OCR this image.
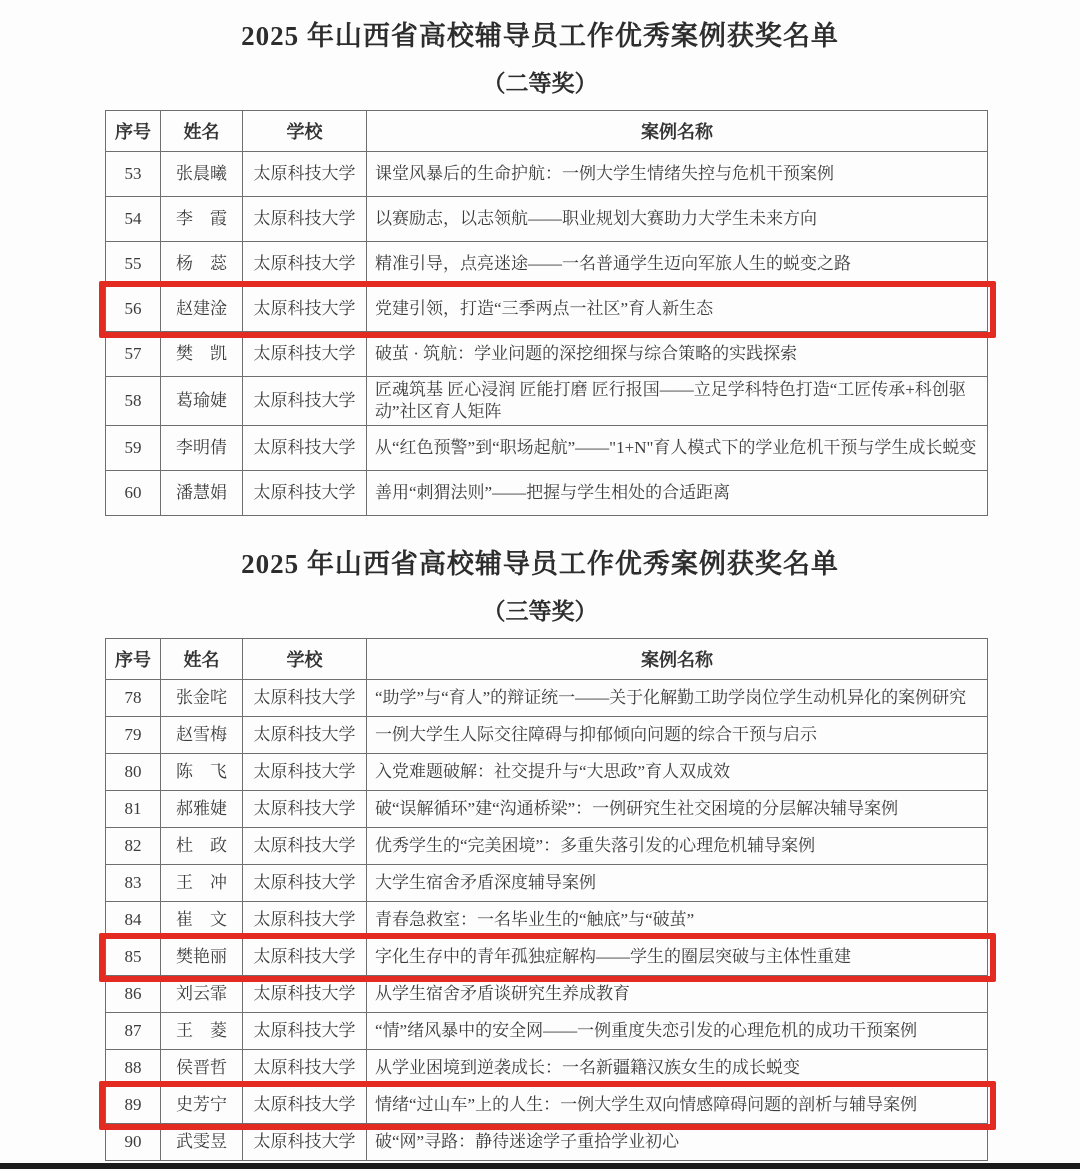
2025 年山西省高校辅导员工作优秀案例获奖名单
（二等奖）
序号	姓名	学校	案例名称
53	张晨曦	太原科技大学	课堂风暴后的生命护航：一例大学生情绪失控与危机干预案例
54	李　霞	太原科技大学	以赛励志，以志领航——职业规划大赛助力大学生未来方向
55	杨　蕊	太原科技大学	精准引导，点亮迷途——一名普通学生迈向军旅人生的蜕变之路
56	赵建淦	太原科技大学	党建引领，打造“三季两点一社区”育人新生态
57	樊　凯	太原科技大学	破茧 · 筑航：学业问题的深挖细探与综合策略的实践探索
58	葛瑜婕	太原科技大学	匠魂筑基 匠心浸润 匠能打磨 匠行报国——立足学科特色打造“工匠传承+科创驱动”社区育人矩阵
59	李明倩	太原科技大学	从“红色预警”到“职场起航”——"1+N"育人模式下的学业危机干预与学生成长蜕变
60	潘慧娟	太原科技大学	善用“刺猬法则”——把握与学生相处的合适距离
2025 年山西省高校辅导员工作优秀案例获奖名单
（三等奖）
序号	姓名	学校	案例名称
78	张金咤	太原科技大学	“助学”与“育人”的辩证统一——关于化解勤工助学岗位学生动机异化的案例研究
79	赵雪梅	太原科技大学	一例大学生人际交往障碍与抑郁倾向问题的综合干预与启示
80	陈　飞	太原科技大学	入党难题破解：社交提升与“大思政”育人双成效
81	郝雅婕	太原科技大学	破“误解循环”建“沟通桥梁”：一例研究生社交困境的分层解决辅导案例
82	杜　政	太原科技大学	优秀学生的“完美困境”：多重失落引发的心理危机辅导案例
83	王　冲	太原科技大学	大学生宿舍矛盾深度辅导案例
84	崔　文	太原科技大学	青春急救室：一名毕业生的“触底”与“破茧”
85	樊艳丽	太原科技大学	字化生存中的青年孤独症解构——学生的圈层突破与主体性重建
86	刘云霏	太原科技大学	从学生宿舍矛盾谈研究生养成教育
87	王　菱	太原科技大学	“情”绪风暴中的安全网——一例重度失恋引发的心理危机的成功干预案例
88	侯晋哲	太原科技大学	从学业困境到逆袭成长：一名新疆籍汉族女生的成长蜕变
89	史芳宁	太原科技大学	情绪“过山车”上的人生：一例大学生双向情感障碍问题的剖析与辅导案例
90	武雯昱	太原科技大学	破“网”寻路：静待迷途学子重拾学业初心
